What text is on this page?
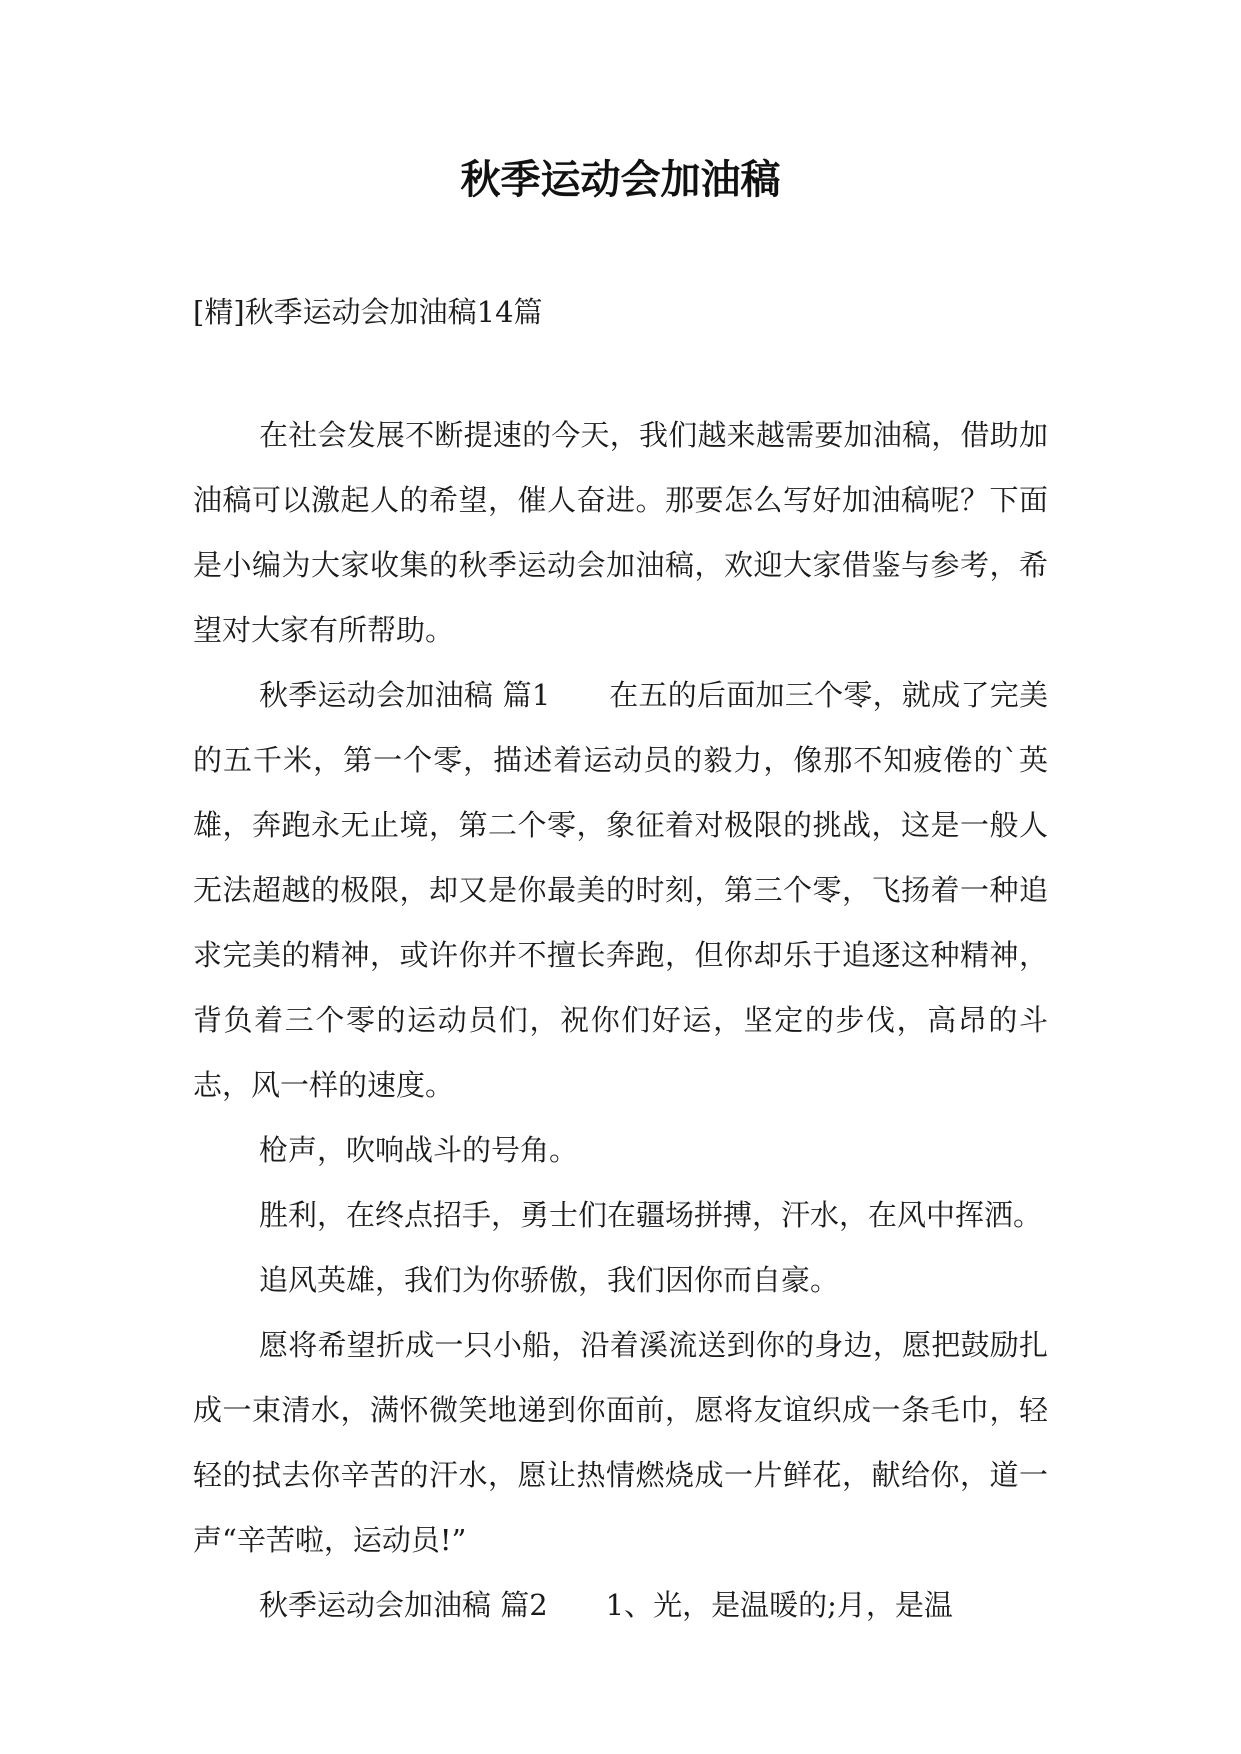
秋季运动会加油稿

[精]秋季运动会加油稿14篇

在社会发展不断提速的今天，我们越来越需要加油稿，借助加油稿可以激起人的希望，催人奋进。那要怎么写好加油稿呢？下面是小编为大家收集的秋季运动会加油稿，欢迎大家借鉴与参考，希望对大家有所帮助。

秋季运动会加油稿 篇1　　在五的后面加三个零，就成了完美的五千米，第一个零，描述着运动员的毅力，像那不知疲倦的`英雄，奔跑永无止境，第二个零，象征着对极限的挑战，这是一般人无法超越的极限，却又是你最美的时刻，第三个零，飞扬着一种追求完美的精神，或许你并不擅长奔跑，但你却乐于追逐这种精神，背负着三个零的运动员们，祝你们好运，坚定的步伐，高昂的斗志，风一样的速度。

枪声，吹响战斗的号角。

胜利，在终点招手，勇士们在疆场拼搏，汗水，在风中挥洒。

追风英雄，我们为你骄傲，我们因你而自豪。

愿将希望折成一只小船，沿着溪流送到你的身边，愿把鼓励扎成一束清水，满怀微笑地递到你面前，愿将友谊织成一条毛巾，轻轻的拭去你辛苦的汗水，愿让热情燃烧成一片鲜花，献给你，道一声“辛苦啦，运动员!”

秋季运动会加油稿 篇2　　1、光，是温暖的;月，是温
